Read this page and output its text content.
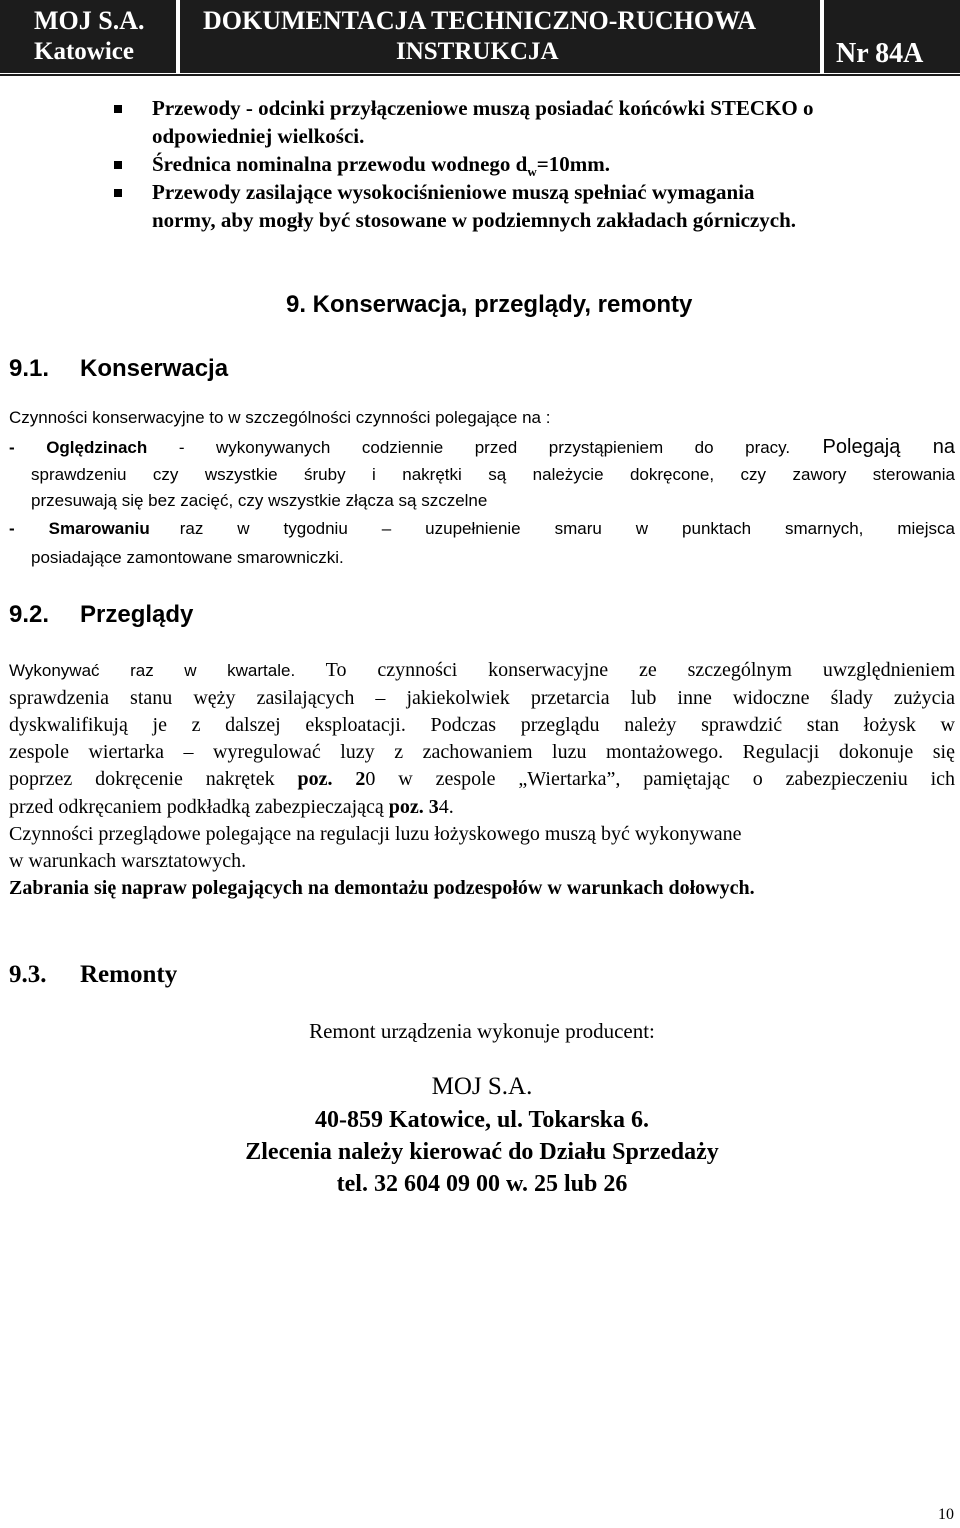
MOJ S.A.
Katowice
DOKUMENTACJA TECHNICZNO-RUCHOWA
INSTRUKCJA	Nr 84A
Przewody - odcinki przyłączeniowe muszą posiadać końcówki STECKO o
odpowiedniej wielkości.
Średnica nominalna przewodu wodnego $d_w=10mm$.
Przewody zasilające wysokociśnieniowe muszą spełniać wymagania
normy, aby mogły być stosowane w podziemnych zakładach górniczych.
9. Konserwacja, przeglądy, remonty
9.1. Konserwacja
Czynności konserwacyjne to w szczególności czynności polegające na :
- Oględzinach - wykonywanych codziennie przed przystąpieniem do pracy. Polegają na
sprawdzeniu czy wszystkie śruby i nakrętki są należycie dokręcone, czy zawory sterowania
przesuwają się bez zacięć, czy wszystkie złącza są szczelne
- Smarowaniu raz w tygodniu – uzupełnienie smaru w punktach smarnych, miejsca
posiadające zamontowane smarowniczki.
9.2. Przeglądy
Wykonywać raz w kwartale. To czynności konserwacyjne ze szczególnym uwzględnieniem
sprawdzenia stanu węży zasilających – jakiekolwiek przetarcia lub inne widoczne ślady zużycia
dyskwalifikują je z dalszej eksploatacji. Podczas przeglądu należy sprawdzić stan łożysk w
zespole wiertarka – wyregulować luzy z zachowaniem luzu montażowego. Regulacji dokonuje się
poprzez dokręcenie nakrętek poz. 20 w zespole „Wiertarka”, pamiętając o zabezpieczeniu ich
przed odkręcaniem podkładką zabezpieczającą poz. 34.
Czynności przeglądowe polegające na regulacji luzu łożyskowego muszą być wykonywane
w warunkach warsztatowych.
Zabrania się napraw polegających na demontażu podzespołów w warunkach dołowych.
9.3. Remonty
Remont urządzenia wykonuje producent:
MOJ S.A.
40-859 Katowice, ul. Tokarska 6.
Zlecenia należy kierować do Działu Sprzedaży
tel. 32 604 09 00 w. 25 lub 26
10
